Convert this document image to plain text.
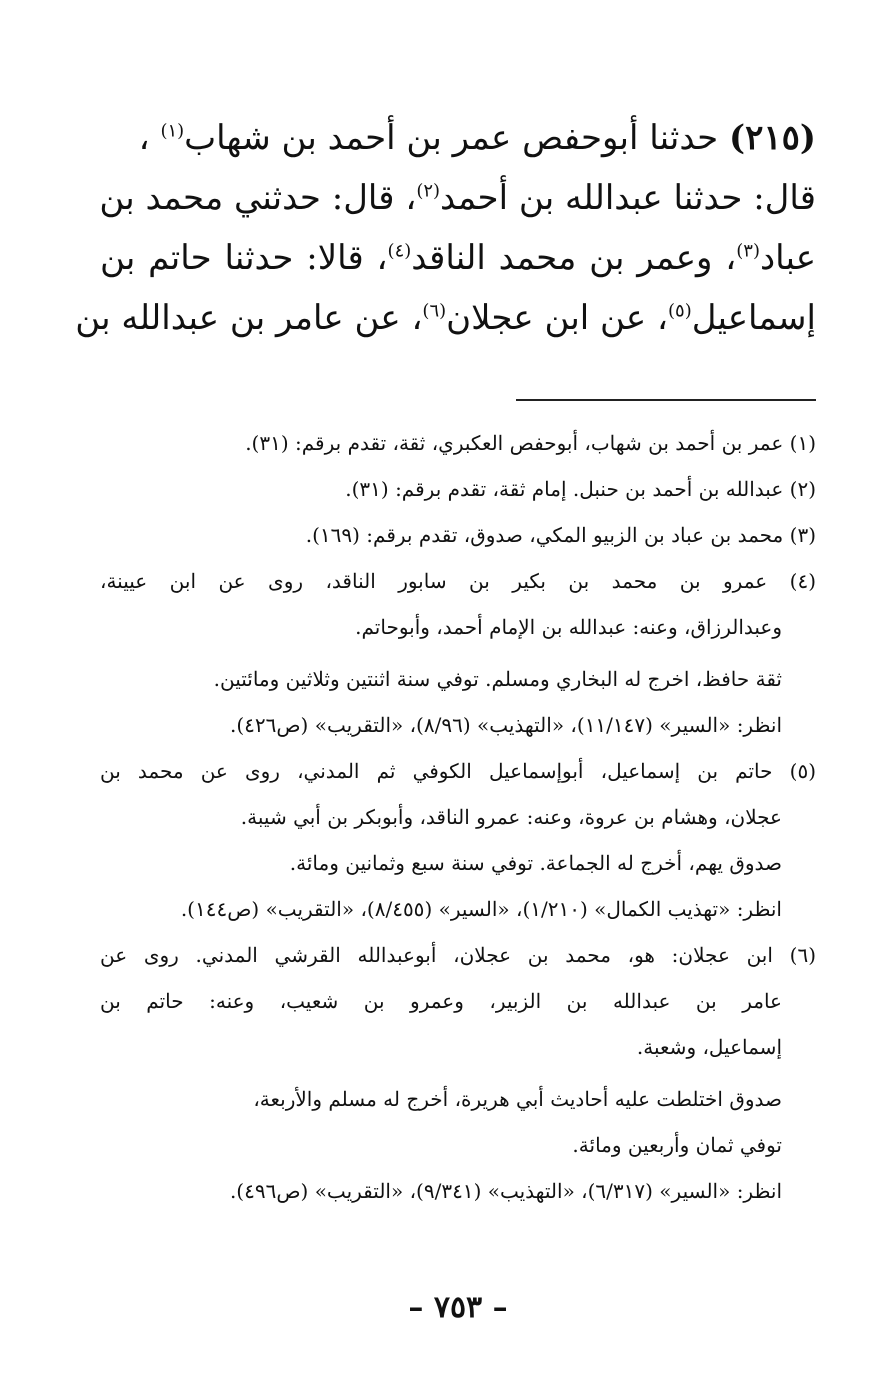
(٢١٥) حدثنا أبوحفص عمر بن أحمد بن شهاب$^{(١)}$ ،
قال: حدثنا عبدالله بن أحمد$^{(٢)}$، قال: حدثني محمد بن
عباد$^{(٣)}$، وعمر بن محمد الناقد$^{(٤)}$، قالا: حدثنا حاتم بن
إسماعيل$^{(٥)}$، عن ابن عجلان$^{(٦)}$، عن عامر بن عبدالله بن
(١) عمر بن أحمد بن شهاب، أبوحفص العكبري، ثقة، تقدم برقم: (٣١).
(٢) عبدالله بن أحمد بن حنبل. إمام ثقة، تقدم برقم: (٣١).
(٣) محمد بن عباد بن الزبيو المكي، صدوق، تقدم برقم: (١٦٩).
(٤) عمرو بن محمد بن بكير بن سابور الناقد، روى عن ابن عيينة،
وعبدالرزاق، وعنه: عبدالله بن الإمام أحمد، وأبوحاتم.
ثقة حافظ، اخرج له البخاري ومسلم. توفي سنة اثنتين وثلاثين ومائتين.
انظر: «السير» (١١/١٤٧)، «التهذيب» (٨/٩٦)، «التقريب» (ص٤٢٦).
(٥) حاتم بن إسماعيل، أبوإسماعيل الكوفي ثم المدني، روى عن محمد بن
عجلان، وهشام بن عروة، وعنه: عمرو الناقد، وأبوبكر بن أبي شيبة.
صدوق يهم، أخرج له الجماعة. توفي سنة سبع وثمانين ومائة.
انظر: «تهذيب الكمال» (١/٢١٠)، «السير» (٨/٤٥٥)، «التقريب» (ص١٤٤).
(٦) ابن عجلان: هو، محمد بن عجلان، أبوعبدالله القرشي المدني. روى عن
عامر بن عبدالله بن الزبير، وعمرو بن شعيب، وعنه: حاتم بن
إسماعيل، وشعبة.
صدوق اختلطت عليه أحاديث أبي هريرة، أخرج له مسلم والأربعة،
توفي ثمان وأربعين ومائة.
انظر: «السير» (٦/٣١٧)، «التهذيب» (٩/٣٤١)، «التقريب» (ص٤٩٦).
– ٧٥٣ –
